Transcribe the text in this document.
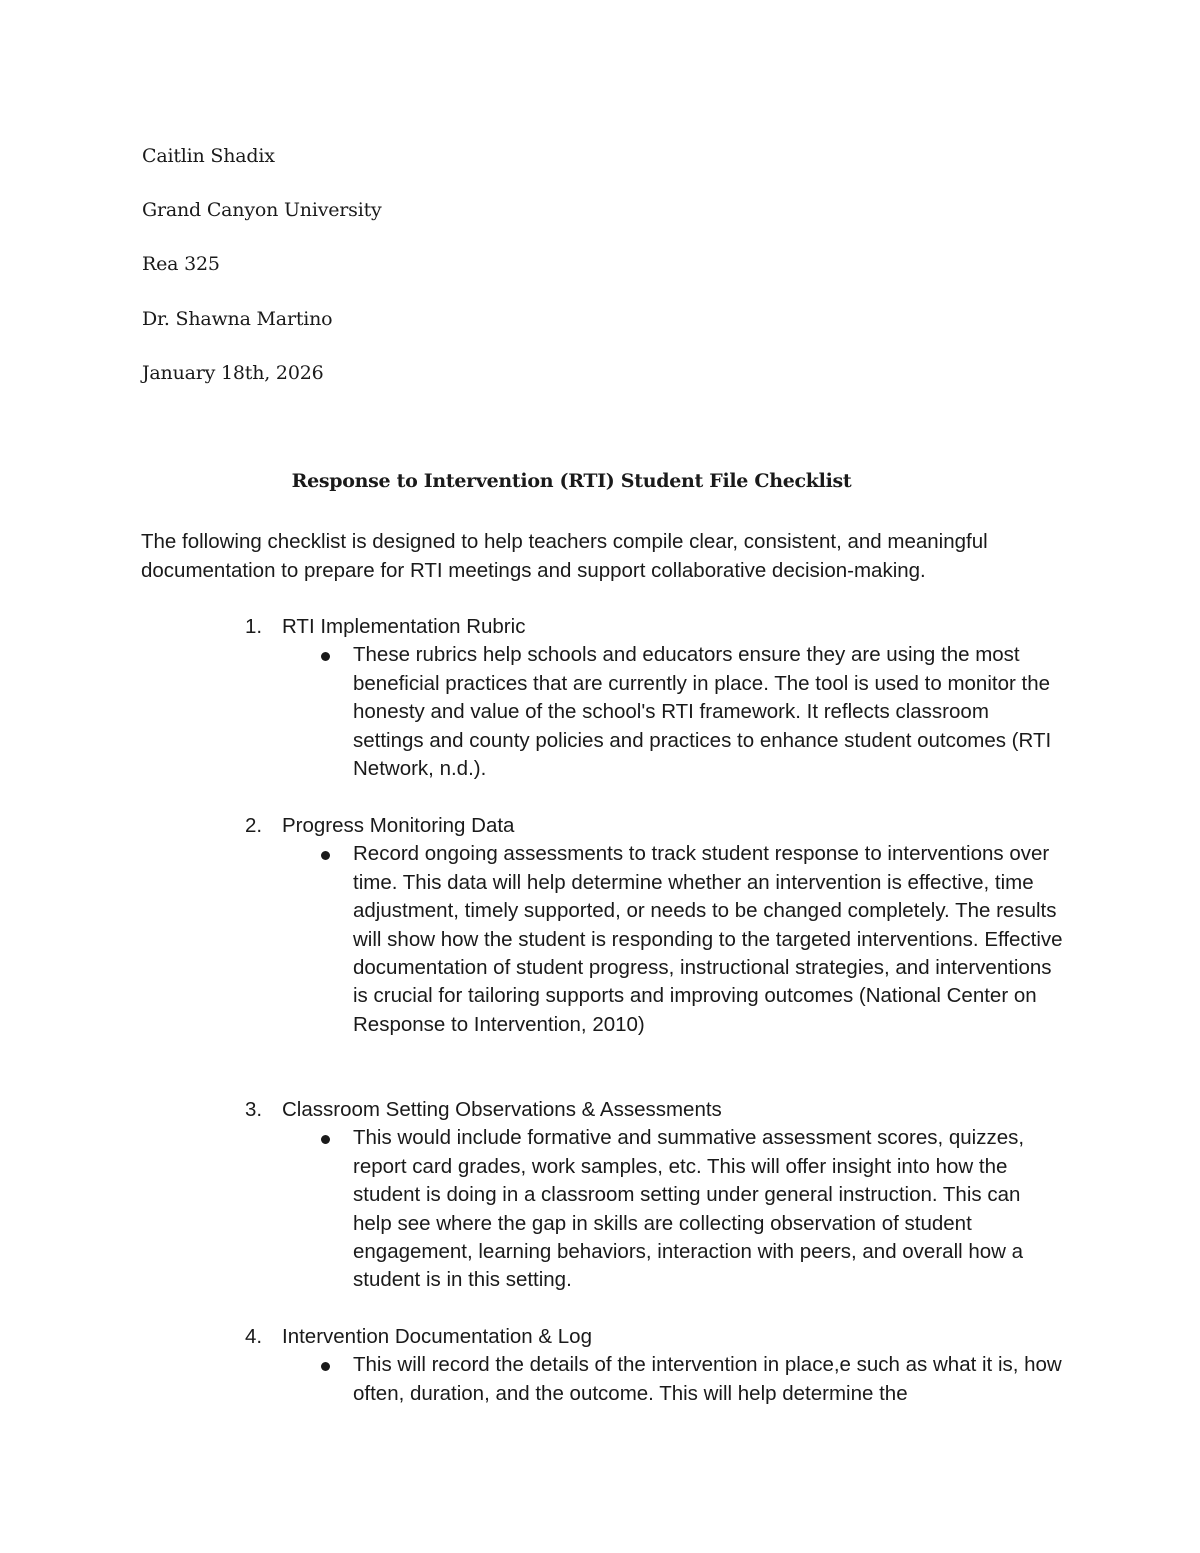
Caitlin Shadix
Grand Canyon University
Rea 325
Dr. Shawna Martino
January 18th, 2026
Response to Intervention (RTI) Student File Checklist
The following checklist is designed to help teachers compile clear, consistent, and meaningful documentation to prepare for RTI meetings and support collaborative decision-making.
1. RTI Implementation Rubric
These rubrics help schools and educators ensure they are using the most beneficial practices that are currently in place. The tool is used to monitor the honesty and value of the school's RTI framework. It reflects classroom settings and county policies and practices to enhance student outcomes (RTI Network, n.d.).
2. Progress Monitoring Data
Record ongoing assessments to track student response to interventions over time. This data will help determine whether an intervention is effective, time adjustment, timely supported, or needs to be changed completely. The results will show how the student is responding to the targeted interventions. Effective documentation of student progress, instructional strategies, and interventions is crucial for tailoring supports and improving outcomes (National Center on Response to Intervention, 2010)
3. Classroom Setting Observations & Assessments
This would include formative and summative assessment scores, quizzes, report card grades, work samples, etc. This will offer insight into how the student is doing in a classroom setting under general instruction. This can help see where the gap in skills are collecting observation of student engagement, learning behaviors, interaction with peers, and overall how a student is in this setting.
4. Intervention Documentation & Log
This will record the details of the intervention in place,e such as what it is, how often, duration, and the outcome. This will help determine the
